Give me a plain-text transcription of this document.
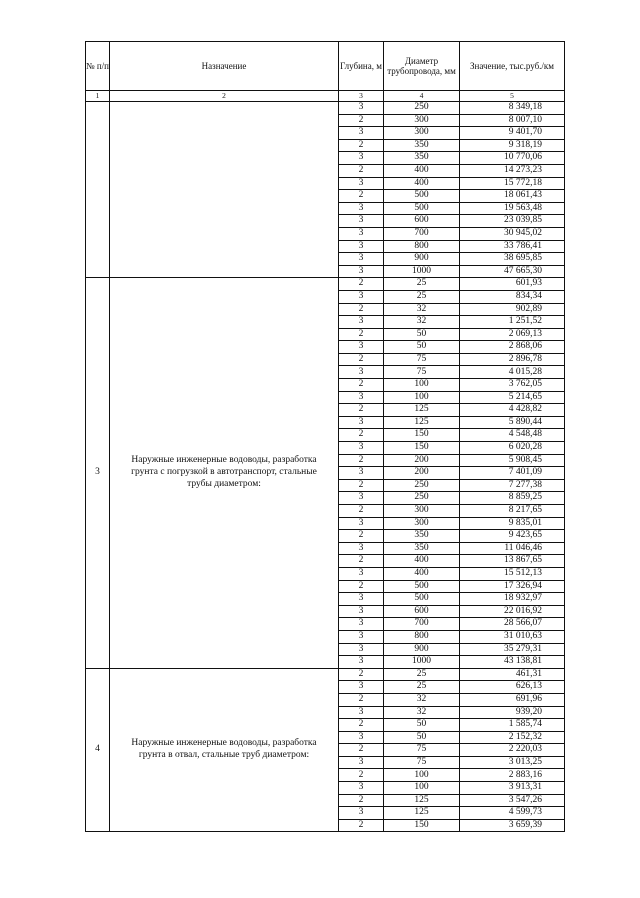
№ п/п	Назначение	Глубина, м	Диаметр трубопровода, мм	Значение, тыс.руб./км
1	2	3	4	5
		3	250	8 349,18
		2	300	8 007,10
		3	300	9 401,70
		2	350	9 318,19
		3	350	10 770,06
		2	400	14 273,23
		3	400	15 772,18
		2	500	18 061,43
		3	500	19 563,48
		3	600	23 039,85
		3	700	30 945,02
		3	800	33 786,41
		3	900	38 695,85
		3	1000	47 665,30
3	Наружные инженерные водоводы, разработка грунта с погрузкой в автотранспорт, стальные трубы диаметром:	2	25	601,93
		3	25	834,34
		2	32	902,89
		3	32	1 251,52
		2	50	2 069,13
		3	50	2 868,06
		2	75	2 896,78
		3	75	4 015,28
		2	100	3 762,05
		3	100	5 214,65
		2	125	4 428,82
		3	125	5 890,44
		2	150	4 548,48
		3	150	6 020,28
		2	200	5 908,45
		3	200	7 401,09
		2	250	7 277,38
		3	250	8 859,25
		2	300	8 217,65
		3	300	9 835,01
		2	350	9 423,65
		3	350	11 046,46
		2	400	13 867,65
		3	400	15 512,13
		2	500	17 326,94
		3	500	18 932,97
		3	600	22 016,92
		3	700	28 566,07
		3	800	31 010,63
		3	900	35 279,31
		3	1000	43 138,81
4	Наружные инженерные водоводы, разработка грунта в отвал, стальные труб диаметром:	2	25	461,31
		3	25	626,13
		2	32	691,96
		3	32	939,20
		2	50	1 585,74
		3	50	2 152,32
		2	75	2 220,03
		3	75	3 013,25
		2	100	2 883,16
		3	100	3 913,31
		2	125	3 547,26
		3	125	4 599,73
		2	150	3 659,39
